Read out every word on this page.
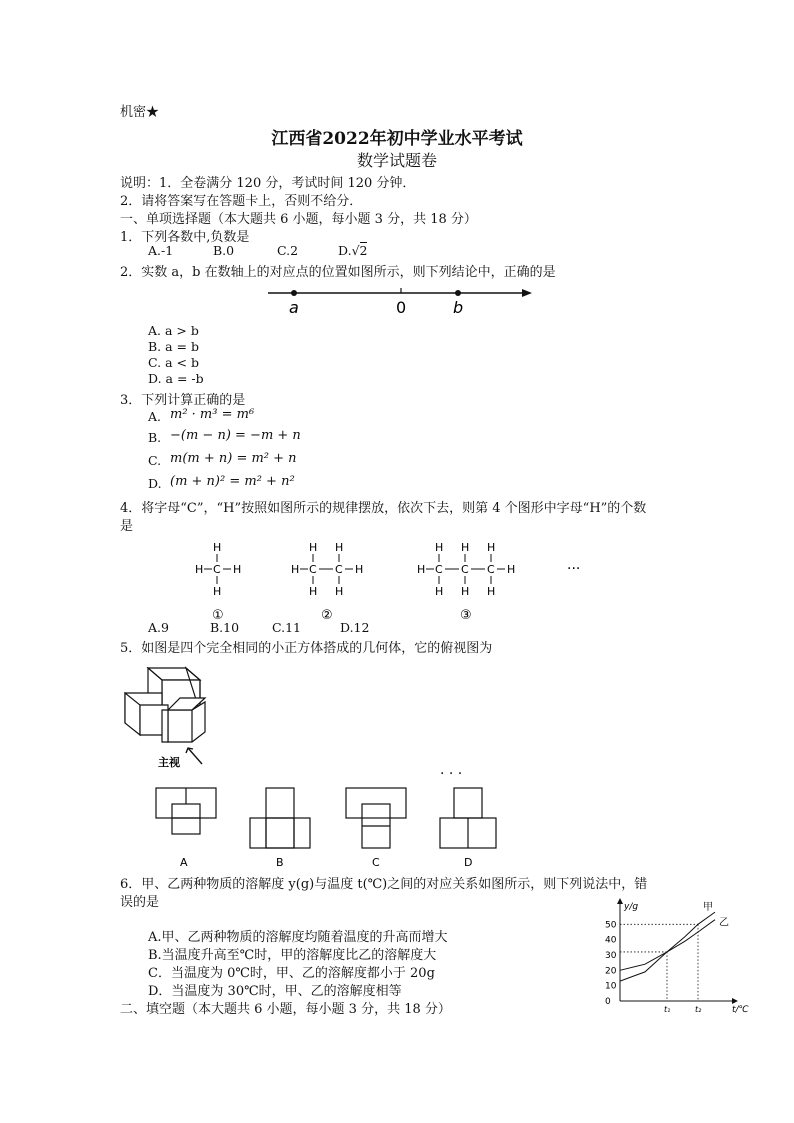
机密★
江西省2022年初中学业水平考试
数学试题卷
说明：1．全卷满分 120 分，考试时间 120 分钟．
2．请将答案写在答题卡上，否则不给分．
一、单项选择题（本大题共 6 小题，每小题 3 分，共 18 分）
1．下列各数中,负数是
A.-1	B.0	C.2	D.√2
2．实数 a，b 在数轴上的对应点的位置如图所示，则下列结论中，正确的是
a	0	b
A. a > b
B. a = b
C. a < b
D. a = -b
3．下列计算正确的是
A. m² · m³ = m⁶
B. −(m − n) = −m + n
C. m(m + n) = m² + n
D. (m + n)² = m² + n²
4．将字母“C”，“H”按照如图所示的规律摆放，依次下去，则第 4 个图形中字母“H”的个数
是
H C
H
H
H
①
H C
H
H
C
H
H
H
②
H C
H
H
C
H
H
C
H
H
H
③
···
A.9	B.10	C.11	D.12
5．如图是四个完全相同的小正方体搭成的几何体，它的俯视图为
主视
· · ·
A	B	C	D
6．甲、乙两种物质的溶解度 y(g)与温度 t(℃)之间的对应关系如图所示，则下列说法中，错
误的是
A.甲、乙两种物质的溶解度均随着温度的升高而增大
B.当温度升高至℃时，甲的溶解度比乙的溶解度大
C．当温度为 0℃时，甲、乙的溶解度都小于 20g
D．当温度为 30℃时，甲、乙的溶解度相等
二、填空题（本大题共 6 小题，每小题 3 分，共 18 分）
y/g
t/℃
0
10
20
30
40
50
t₁	t₂
甲
乙
